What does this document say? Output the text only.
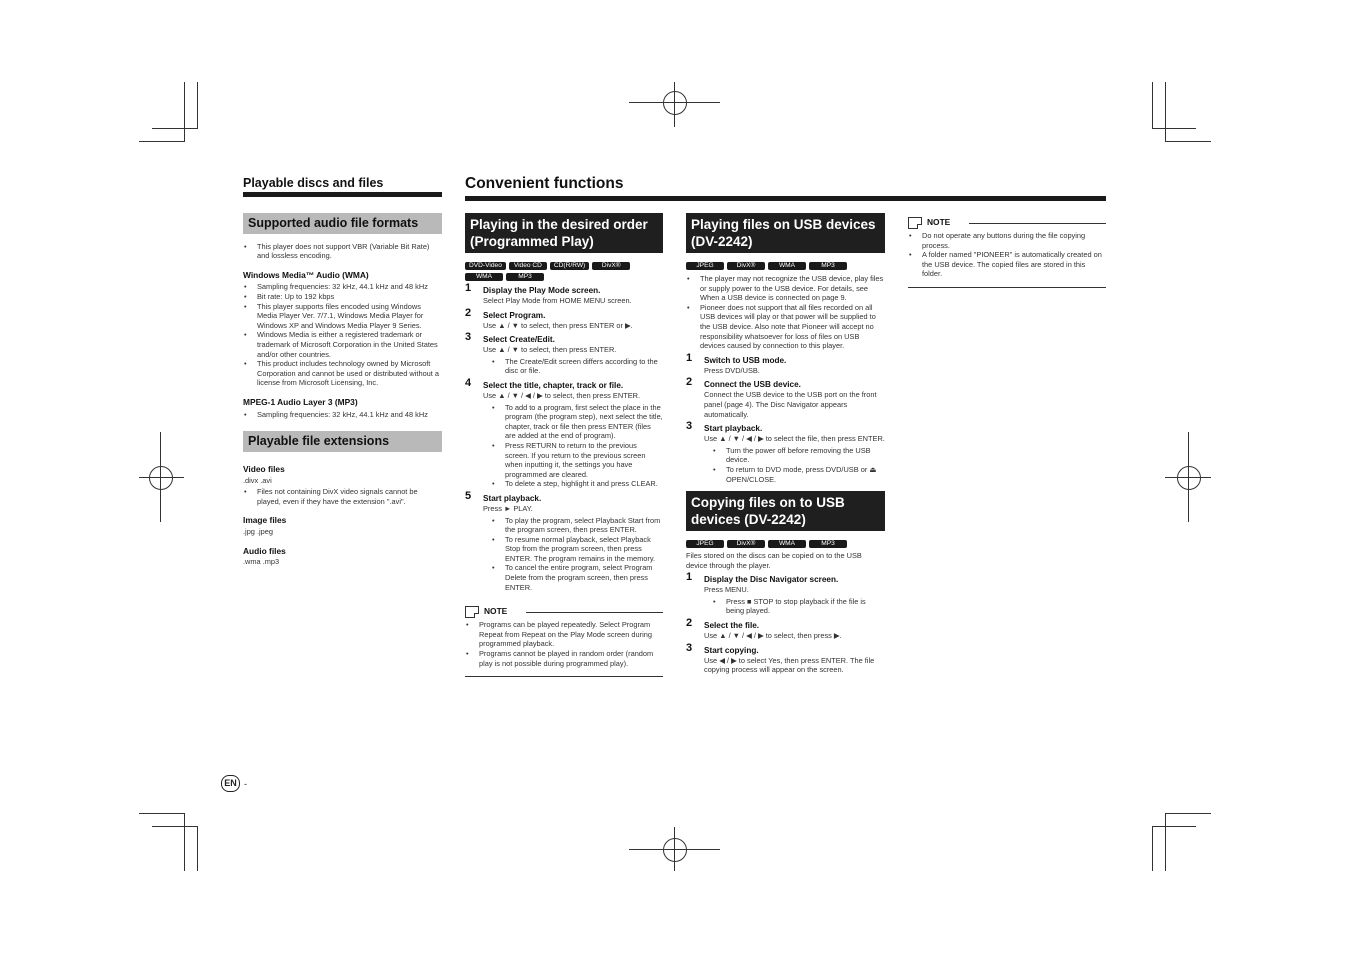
Playable discs and files
Supported audio file formats
• This player does not support VBR (Variable Bit Rate) and lossless encoding.
Windows Media™ Audio (WMA)
• Sampling frequencies: 32 kHz, 44.1 kHz and 48 kHz
• Bit rate: Up to 192 kbps
• This player supports files encoded using Windows Media Player Ver. 7/7.1, Windows Media Player for Windows XP and Windows Media Player 9 Series.
• Windows Media is either a registered trademark or trademark of Microsoft Corporation in the United States and/or other countries.
• This product includes technology owned by Microsoft Corporation and cannot be used or distributed without a license from Microsoft Licensing, Inc.
MPEG-1 Audio Layer 3 (MP3)
• Sampling frequencies: 32 kHz, 44.1 kHz and 48 kHz
Playable file extensions
Video files
.divx .avi
• Files not containing DivX video signals cannot be played, even if they have the extension ".avi".
Image files
.jpg .jpeg
Audio files
.wma .mp3
Convenient functions
Playing in the desired order (Programmed Play)
DVD-Video	Video CD	CD(R/RW)	DivX®
WMA	MP3
1 Display the Play Mode screen.
Select Play Mode from HOME MENU screen.
2 Select Program.
Use ▲ / ▼ to select, then press ENTER or ▶.
3 Select Create/Edit.
Use ▲ / ▼ to select, then press ENTER.
• The Create/Edit screen differs according to the disc or file.
4 Select the title, chapter, track or file.
Use ▲ / ▼ / ◀ / ▶ to select, then press ENTER.
• To add to a program, first select the place in the program (the program step), next select the title, chapter, track or file then press ENTER (files are added at the end of program).
• Press RETURN to return to the previous screen. If you return to the previous screen when inputting it, the settings you have programmed are cleared.
• To delete a step, highlight it and press CLEAR.
5 Start playback.
Press ► PLAY.
• To play the program, select Playback Start from the program screen, then press ENTER.
• To resume normal playback, select Playback Stop from the program screen, then press ENTER. The program remains in the memory.
• To cancel the entire program, select Program Delete from the program screen, then press ENTER.
NOTE
• Programs can be played repeatedly. Select Program Repeat from Repeat on the Play Mode screen during programmed playback.
• Programs cannot be played in random order (random play is not possible during programmed play).
Playing files on USB devices (DV-2242)
JPEG	DivX®	WMA	MP3
• The player may not recognize the USB device, play files or supply power to the USB device. For details, see When a USB device is connected on page 9.
• Pioneer does not support that all files recorded on all USB devices will play or that power will be supplied to the USB device. Also note that Pioneer will accept no responsibility whatsoever for loss of files on USB devices caused by connection to this player.
1 Switch to USB mode.
Press DVD/USB.
2 Connect the USB device.
Connect the USB device to the USB port on the front panel (page 4). The Disc Navigator appears automatically.
3 Start playback.
Use ▲ / ▼ / ◀ / ▶ to select the file, then press ENTER.
• Turn the power off before removing the USB device.
• To return to DVD mode, press DVD/USB or ⏏ OPEN/CLOSE.
Copying files on to USB devices (DV-2242)
JPEG	DivX®	WMA	MP3
Files stored on the discs can be copied on to the USB device through the player.
1 Display the Disc Navigator screen.
Press MENU.
• Press ■ STOP to stop playback if the file is being played.
2 Select the file.
Use ▲ / ▼ / ◀ / ▶ to select, then press ▶.
3 Start copying.
Use ◀ / ▶ to select Yes, then press ENTER. The file copying process will appear on the screen.
NOTE
• Do not operate any buttons during the file copying process.
• A folder named "PIONEER" is automatically created on the USB device. The copied files are stored in this folder.
EN -
